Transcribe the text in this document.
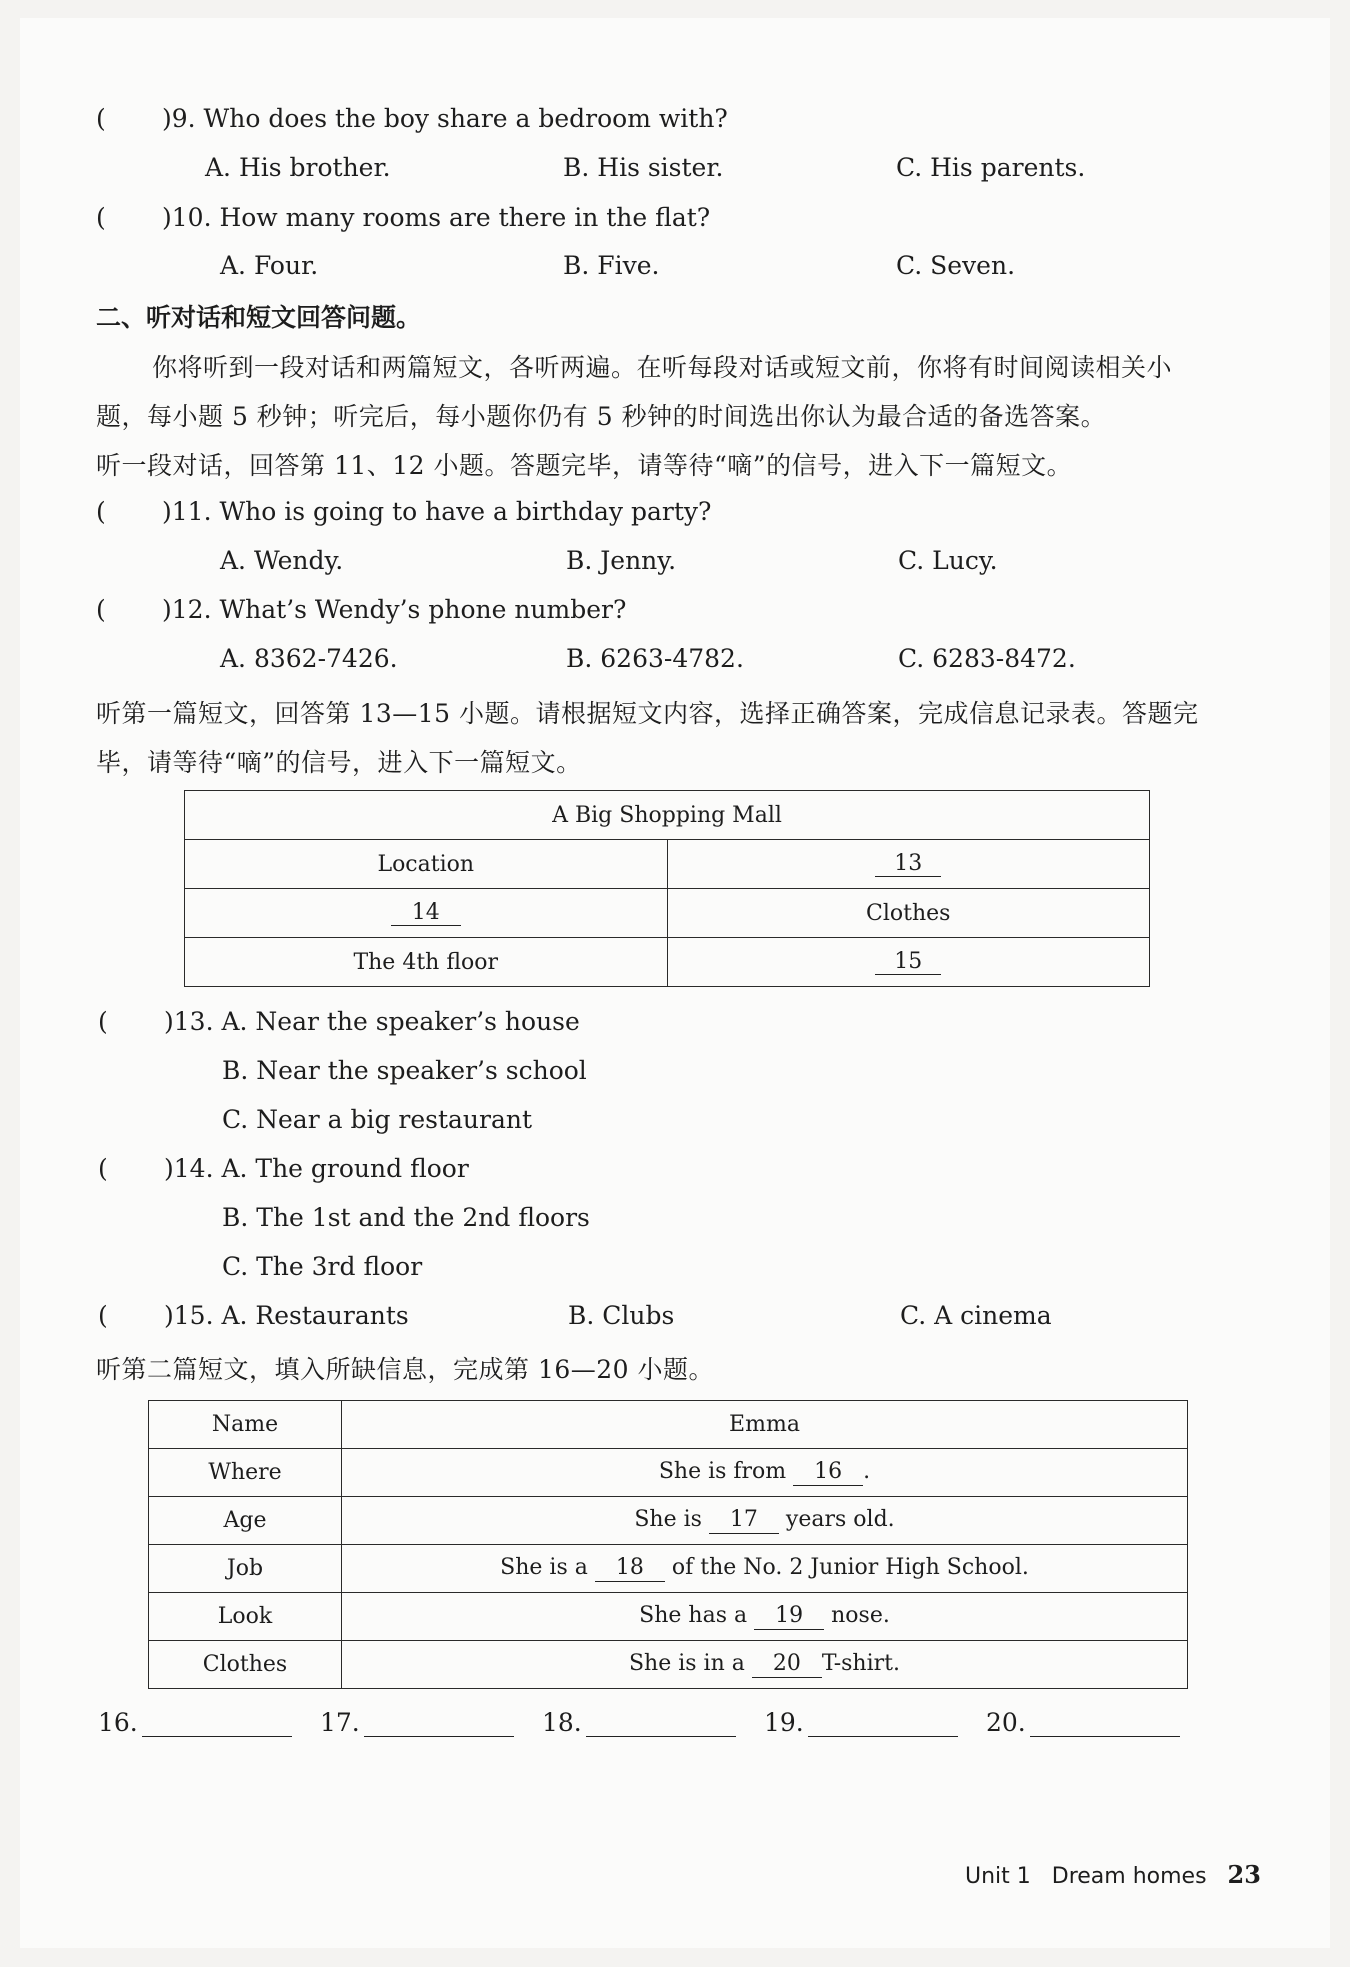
( )9. Who does the boy share a bedroom with?
A. His brother.	B. His sister.	C. His parents.
( )10. How many rooms are there in the flat?
A. Four.	B. Five.	C. Seven.
二、听对话和短文回答问题。
你将听到一段对话和两篇短文，各听两遍。在听每段对话或短文前，你将有时间阅读相关小
题，每小题 5 秒钟；听完后，每小题你仍有 5 秒钟的时间选出你认为最合适的备选答案。
听一段对话，回答第 11、12 小题。答题完毕，请等待“嘀”的信号，进入下一篇短文。
( )11. Who is going to have a birthday party?
A. Wendy.	B. Jenny.	C. Lucy.
( )12. What’s Wendy’s phone number?
A. 8362-7426.	B. 6263-4782.	C. 6283-8472.
听第一篇短文，回答第 13—15 小题。请根据短文内容，选择正确答案，完成信息记录表。答题完
毕，请等待“嘀”的信号，进入下一篇短文。
A Big Shopping Mall	
Location	13
14	Clothes
The 4th floor	15
( )13. A. Near the speaker’s house
B. Near the speaker’s school
C. Near a big restaurant
( )14. A. The ground floor
B. The 1st and the 2nd floors
C. The 3rd floor
( )15. A. Restaurants	B. Clubs	C. A cinema
听第二篇短文，填入所缺信息，完成第 16—20 小题。
Name	Emma
Where	She is from 16 .
Age	She is 17 years old.
Job	She is a 18 of the No. 2 Junior High School.
Look	She has a 19 nose.
Clothes	She is in a 20 T-shirt.
16.	17.	18.	19.	20.
Unit 1 Dream homes 23
